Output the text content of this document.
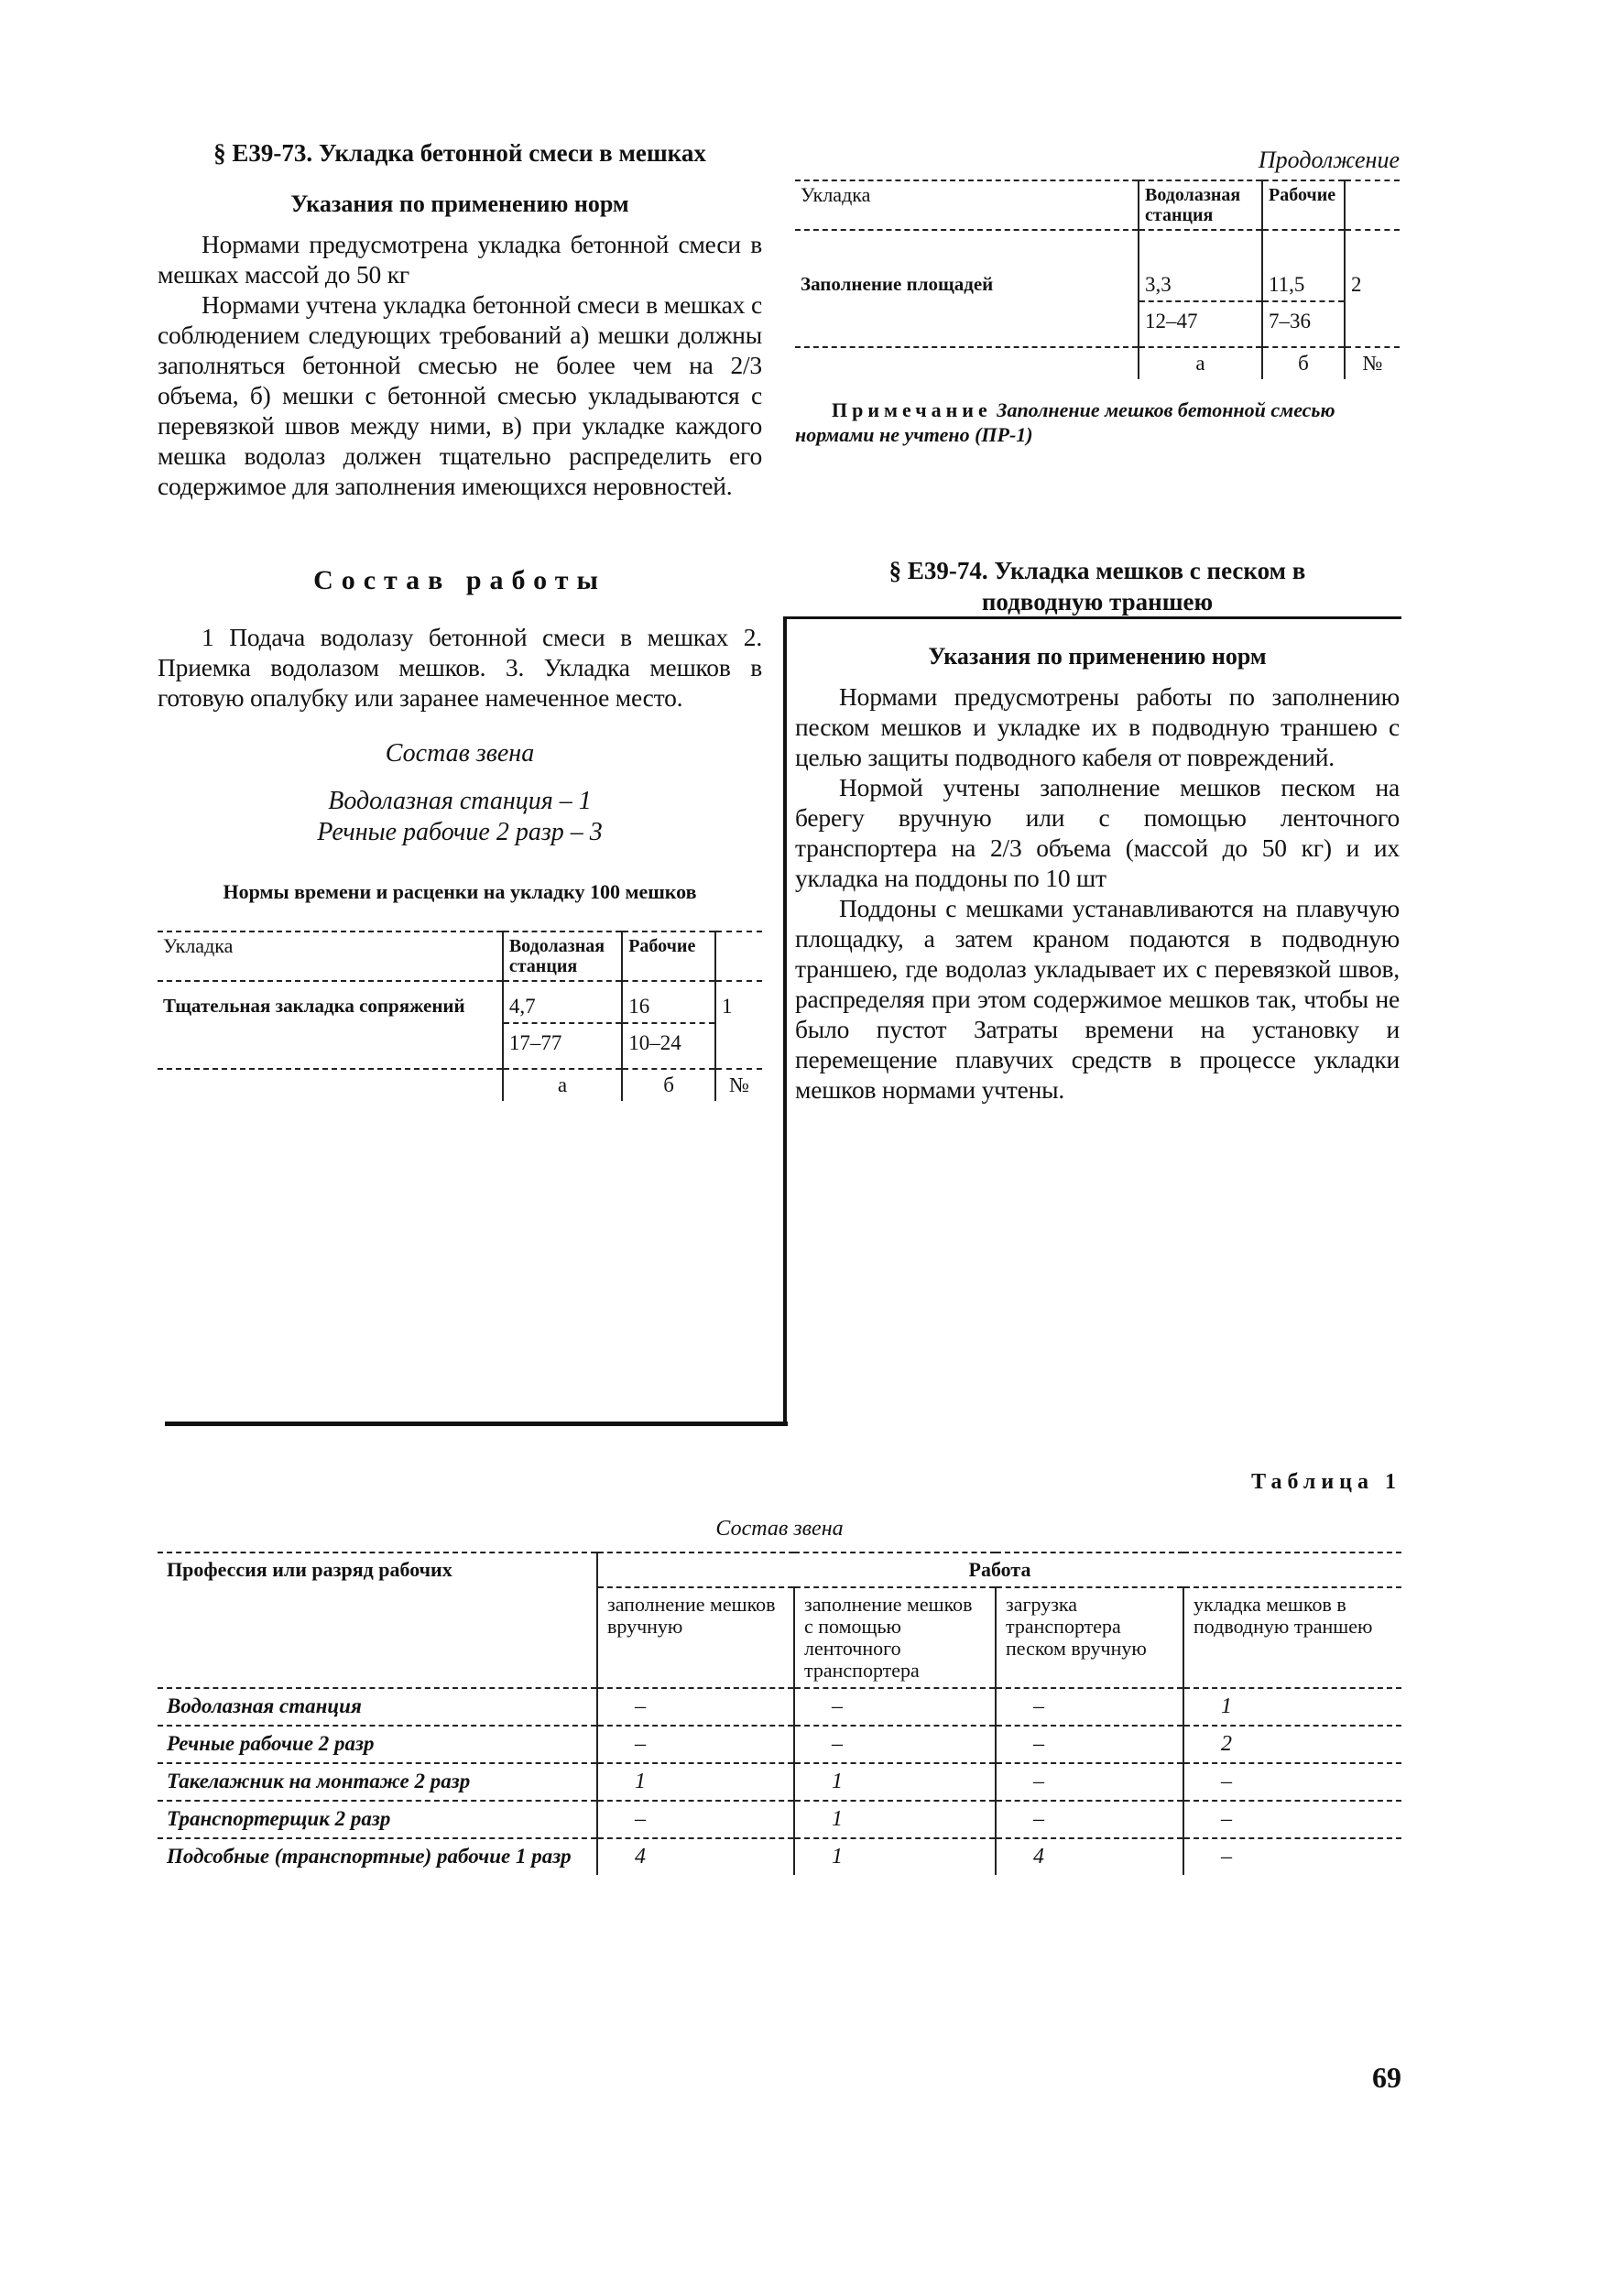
§ Е39-73. Укладка бетонной смеси в мешках

Указания по применению норм

Нормами предусмотрена укладка бетонной смеси в мешках массой до 50 кг

Нормами учтена укладка бетонной смеси в мешках с соблюдением следующих требований а) мешки должны заполняться бетонной смесью не более чем на 2/3 объема, б) мешки с бетонной смесью укладываются с перевязкой швов между ними, в) при укладке каждого мешка водолаз должен тщательно распределить его содержимое для заполнения имеющихся неровностей.

Состав работы

1 Подача водолазу бетонной смеси в мешках 2. Приемка водолазом мешков. 3. Укладка мешков в готовую опалубку или заранее намеченное место.

Состав звена

Водолазная станция – 1

Речные рабочие 2 разр – 3

Нормы времени и расценки на укладку 100 мешков

Укладка	Водолазная станция	Рабочие	
Тщательная закладка сопряжений	4,7	16	1
	17–77	10–24	
	а	б	№

Продолжение

Укладка	Водолазная станция	Рабочие	
Заполнение площадей	3,3	11,5	2
	12–47	7–36	
	а	б	№

Примечание Заполнение мешков бетонной смесью нормами не учтено (ПР-1)

§ Е39-74. Укладка мешков с песком в подводную траншею

Указания по применению норм

Нормами предусмотрены работы по заполнению песком мешков и укладке их в подводную траншею с целью защиты подводного кабеля от повреждений.

Нормой учтены заполнение мешков песком на берегу вручную или с помощью ленточного транспортера на 2/3 объема (массой до 50 кг) и их укладка на поддоны по 10 шт

Поддоны с мешками устанавливаются на плавучую площадку, а затем краном подаются в подводную траншею, где водолаз укладывает их с перевязкой швов, распределяя при этом содержимое мешков так, чтобы не было пустот Затраты времени на установку и перемещение плавучих средств в процессе укладки мешков нормами учтены.

Таблица 1

Состав звена

Профессия или разряд рабочих	Работа			
	заполнение мешков вручную	заполнение мешков с помощью ленточного транспортера	загрузка транспортера песком вручную	укладка мешков в подводную траншею
Водолазная станция	–	–	–	1
Речные рабочие 2 разр	–	–	–	2
Такелажник на монтаже 2 разр	1	1	–	–
Транспортерщик 2 разр	–	1	–	–
Подсобные (транспортные) рабочие 1 разр	4	1	4	–
69
